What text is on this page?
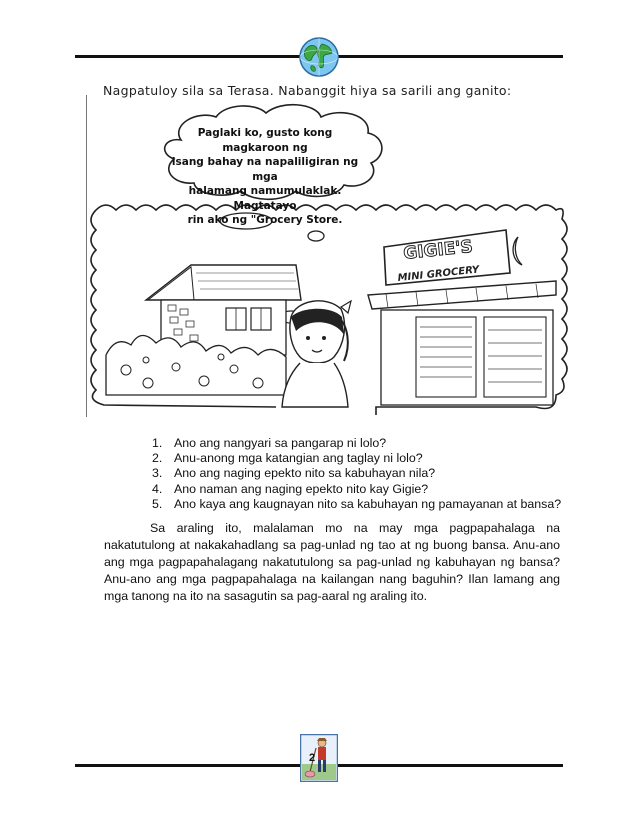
Nagpatuloy sila sa Terasa. Nabanggit hiya sa sarili ang ganito:
GIGIE'S
MINI GROCERY
Paglaki ko, gusto kong magkaroon ng
isang bahay na napaliligiran ng mga
halamang namumulaklak. Magtatayo
rin ako ng "Grocery Store.
1. Ano ang nangyari sa pangarap ni lolo?
2. Anu-anong mga katangian ang taglay ni lolo?
3. Ano ang naging epekto nito sa kabuhayan nila?
4. Ano naman ang naging epekto nito kay Gigie?
5. Ano kaya ang kaugnayan nito sa kabuhayan ng pamayanan at bansa?

Sa araling ito, malalaman mo na may mga pagpapahalaga na nakatutulong at nakakahadlang sa pag-unlad ng tao at ng buong bansa. Anu-ano ang mga pagpapahalagang nakatutulong sa pag-unlad ng kabuhayan ng bansa? Anu-ano ang mga pagpapahalaga na kailangan nang baguhin? Ilan lamang ang mga tanong na ito na sasagutin sa pag-aaral ng araling ito.

2
